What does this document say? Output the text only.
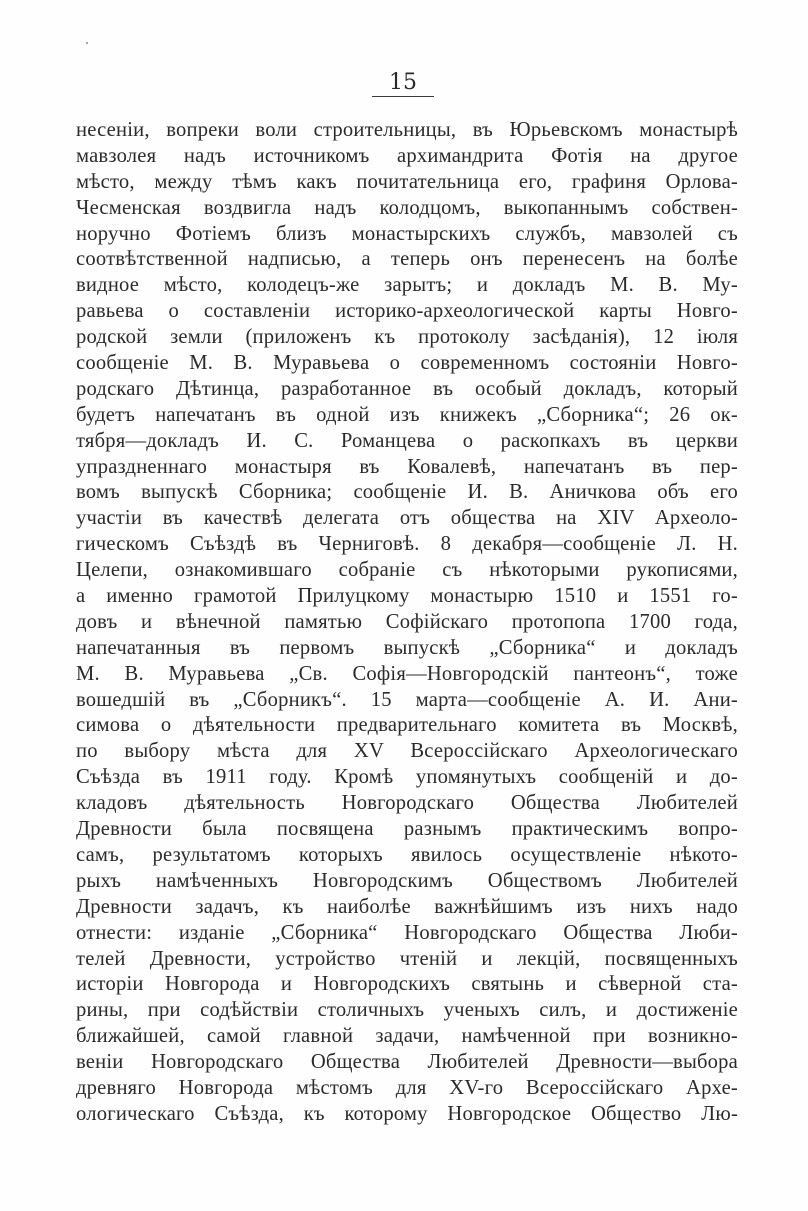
15
несеніи, вопреки воли строительницы, въ Юрьевскомъ монастырѣ
мавзолея надъ источникомъ архимандрита Фотія на другое
мѣсто, между тѣмъ какъ почитательница его, графиня Орлова-
Чесменская воздвигла надъ колодцомъ, выкопаннымъ собствен-
норучно Фотіемъ близъ монастырскихъ службъ, мавзолей съ
соотвѣтственной надписью, а теперь онъ перенесенъ на болѣе
видное мѣсто, колодецъ-же зарытъ; и докладъ М. В. Му-
равьева о составленіи историко-археологической карты Новго-
родской земли (приложенъ къ протоколу засѣданія), 12 іюля
сообщеніе М. В. Муравьева о современномъ состояніи Новго-
родскаго Дѣтинца, разработанное въ особый докладъ, который
будетъ напечатанъ въ одной изъ книжекъ „Сборника“; 26 ок-
тября—докладъ И. С. Романцева о раскопкахъ въ церкви
упраздненнаго монастыря въ Ковалевѣ, напечатанъ въ пер-
вомъ выпускѣ Сборника; сообщеніе И. В. Аничкова объ его
участіи въ качествѣ делегата отъ общества на XIV Археоло-
гическомъ Съѣздѣ въ Черниговѣ. 8 декабря—сообщеніе Л. Н.
Целепи, ознакомившаго собраніе съ нѣкоторыми рукописями,
а именно грамотой Прилуцкому монастырю 1510 и 1551 го-
довъ и вѣнечной памятью Софійскаго протопопа 1700 года,
напечатанныя въ первомъ выпускѣ „Сборника“ и докладъ
М. В. Муравьева „Св. Софія—Новгородскій пантеонъ“, тоже
вошедшій въ „Сборникъ“. 15 марта—сообщеніе А. И. Ани-
симова о дѣятельности предварительнаго комитета въ Москвѣ,
по выбору мѣста для XV Всероссійскаго Археологическаго
Съѣзда въ 1911 году. Кромѣ упомянутыхъ сообщеній и до-
кладовъ дѣятельность Новгородскаго Общества Любителей
Древности была посвящена разнымъ практическимъ вопро-
самъ, результатомъ которыхъ явилось осуществленіе нѣкото-
рыхъ намѣченныхъ Новгородскимъ Обществомъ Любителей
Древности задачъ, къ наиболѣе важнѣйшимъ изъ нихъ надо
отнести: изданіе „Сборника“ Новгородскаго Общества Люби-
телей Древности, устройство чтеній и лекцій, посвященныхъ
исторіи Новгорода и Новгородскихъ святынь и сѣверной ста-
рины, при содѣйствіи столичныхъ ученыхъ силъ, и достиженіе
ближайшей, самой главной задачи, намѣченной при возникно-
веніи Новгородскаго Общества Любителей Древности—выбора
древняго Новгорода мѣстомъ для XV-го Всероссійскаго Архе-
ологическаго Съѣзда, къ которому Новгородское Общество Лю-
